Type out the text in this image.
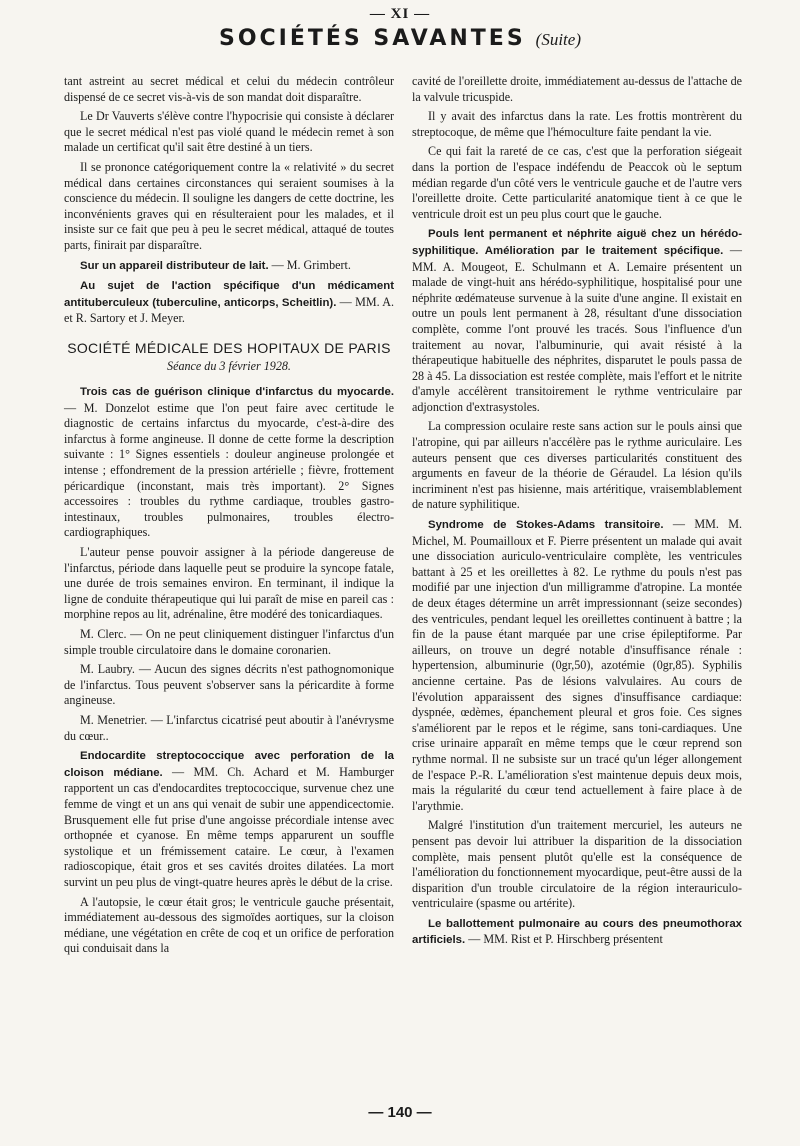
— XI —
SOCIÉTÉS SAVANTES (Suite)

tant astreint au secret médical et celui du médecin contrôleur dispensé de ce secret vis-à-vis de son mandat doit disparaître.

Le Dr Vauverts s'élève contre l'hypocrisie qui consiste à déclarer que le secret médical n'est pas violé quand le médecin remet à son malade un certificat qu'il sait être destiné à un tiers.

Il se prononce catégoriquement contre la « relativité » du secret médical dans certaines circonstances qui seraient soumises à la conscience du médecin. Il souligne les dangers de cette doctrine, les inconvénients graves qui en résulteraient pour les malades, et il insiste sur ce fait que peu à peu le secret médical, attaqué de toutes parts, finirait par disparaître.

Sur un appareil distributeur de lait. — M. Grimbert.

Au sujet de l'action spécifique d'un médicament antituberculeux (tuberculine, anticorps, Scheitlin). — MM. A. et R. Sartory et J. Meyer.

SOCIÉTÉ MÉDICALE DES HOPITAUX DE PARIS
Séance du 3 février 1928.

Trois cas de guérison clinique d'infarctus du myocarde. — M. Donzelot estime que l'on peut faire avec certitude le diagnostic de certains infarctus du myocarde, c'est-à-dire des infarctus à forme angineuse. Il donne de cette forme la description suivante : 1° Signes essentiels : douleur angineuse prolongée et intense ; effondrement de la pression artérielle ; fièvre, frottement péricardique (inconstant, mais très important). 2° Signes accessoires : troubles du rythme cardiaque, troubles gastro-intestinaux, troubles pulmonaires, troubles électro-cardiographiques.

L'auteur pense pouvoir assigner à la période dangereuse de l'infarctus, période dans laquelle peut se produire la syncope fatale, une durée de trois semaines environ. En terminant, il indique la ligne de conduite thérapeutique qui lui paraît de mise en pareil cas : morphine repos au lit, adrénaline, être modéré des tonicardiaques.

M. Clerc. — On ne peut cliniquement distinguer l'infarctus d'un simple trouble circulatoire dans le domaine coronarien.

M. Laubry. — Aucun des signes décrits n'est pathognomonique de l'infarctus. Tous peuvent s'observer sans la péricardite à forme angineuse.

M. Menetrier. — L'infarctus cicatrisé peut aboutir à l'anévrysme du cœur..

Endocardite streptococcique avec perforation de la cloison médiane. — MM. Ch. Achard et M. Hamburger rapportent un cas d'endocardites treptococcique, survenue chez une femme de vingt et un ans qui venait de subir une appendicectomie. Brusquement elle fut prise d'une angoisse précordiale intense avec orthopnée et cyanose. En même temps apparurent un souffle systolique et un frémissement cataire. Le cœur, à l'examen radioscopique, était gros et ses cavités droites dilatées. La mort survint un peu plus de vingt-quatre heures après le début de la crise.

A l'autopsie, le cœur était gros; le ventricule gauche présentait, immédiatement au-dessous des sigmoïdes aortiques, sur la cloison médiane, une végétation en crête de coq et un orifice de perforation qui conduisait dans la

cavité de l'oreillette droite, immédiatement au-dessus de l'attache de la valvule tricuspide.

Il y avait des infarctus dans la rate. Les frottis montrèrent du streptocoque, de même que l'hémoculture faite pendant la vie.

Ce qui fait la rareté de ce cas, c'est que la perforation siégeait dans la portion de l'espace indéfendu de Peaccok où le septum médian regarde d'un côté vers le ventricule gauche et de l'autre vers l'oreillette droite. Cette particularité anatomique tient à ce que le ventricule droit est un peu plus court que le gauche.

Pouls lent permanent et néphrite aiguë chez un hérédo-syphilitique. Amélioration par le traitement spécifique. — MM. A. Mougeot, E. Schulmann et A. Lemaire présentent un malade de vingt-huit ans hérédo-syphilitique, hospitalisé pour une néphrite œdémateuse survenue à la suite d'une angine. Il existait en outre un pouls lent permanent à 28, résultant d'une dissociation complète, comme l'ont prouvé les tracés. Sous l'influence d'un traitement au novar, l'albuminurie, qui avait résisté à la thérapeutique habituelle des néphrites, disparutet le pouls passa de 28 à 45. La dissociation est restée complète, mais l'effort et le nitrite d'amyle accélèrent transitoirement le rythme ventriculaire par adjonction d'extrasystoles.

La compression oculaire reste sans action sur le pouls ainsi que l'atropine, qui par ailleurs n'accélère pas le rythme auriculaire. Les auteurs pensent que ces diverses particularités constituent des arguments en faveur de la théorie de Géraudel. La lésion qu'ils incriminent n'est pas hisienne, mais artéritique, vraisemblablement de nature syphilitique.

Syndrome de Stokes-Adams transitoire. — MM. M. Michel, M. Poumailloux et F. Pierre présentent un malade qui avait une dissociation auriculo-ventriculaire complète, les ventricules battant à 25 et les oreillettes à 82. Le rythme du pouls n'est pas modifié par une injection d'un milligramme d'atropine. La montée de deux étages détermine un arrêt impressionnant (seize secondes) des ventricules, pendant lequel les oreillettes continuent à battre ; la fin de la pause étant marquée par une crise épileptiforme. Par ailleurs, on trouve un degré notable d'insuffisance rénale : hypertension, albuminurie (0gr,50), azotémie (0gr,85). Syphilis ancienne certaine. Pas de lésions valvulaires. Au cours de l'évolution apparaissent des signes d'insuffisance cardiaque: dyspnée, œdèmes, épanchement pleural et gros foie. Ces signes s'améliorent par le repos et le régime, sans toni-cardiaques. Une crise urinaire apparaît en même temps que le cœur reprend son rythme normal. Il ne subsiste sur un tracé qu'un léger allongement de l'espace P.-R. L'amélioration s'est maintenue depuis deux mois, mais la régularité du cœur tend actuellement à faire place à de l'arythmie.

Malgré l'institution d'un traitement mercuriel, les auteurs ne pensent pas devoir lui attribuer la disparition de la dissociation complète, mais pensent plutôt qu'elle est la conséquence de l'amélioration du fonctionnement myocardique, peut-être aussi de la disparition d'un trouble circulatoire de la région interauriculo-ventriculaire (spasme ou artérite).

Le ballottement pulmonaire au cours des pneumothorax artificiels. — MM. Rist et P. Hirschberg présentent

— 140 —
